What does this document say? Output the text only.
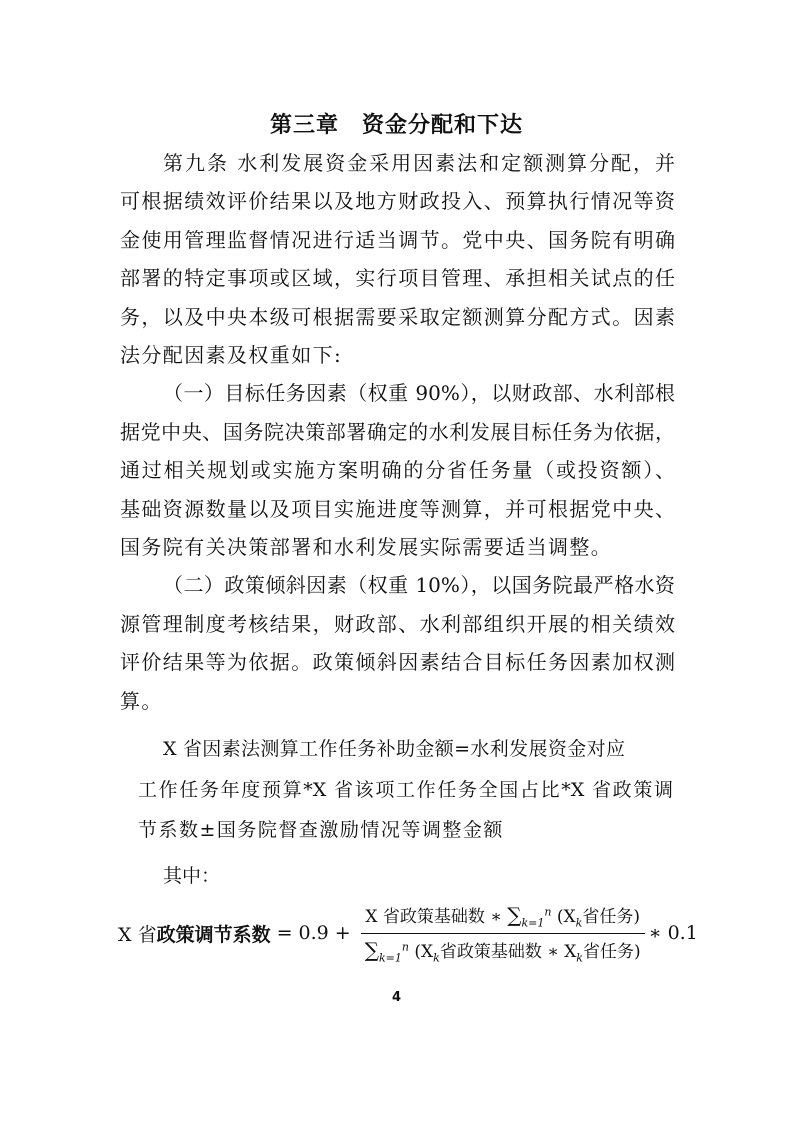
第三章　资金分配和下达
第九条 水利发展资金采用因素法和定额测算分配，并
可根据绩效评价结果以及地方财政投入、预算执行情况等资
金使用管理监督情况进行适当调节。党中央、国务院有明确
部署的特定事项或区域，实行项目管理、承担相关试点的任
务，以及中央本级可根据需要采取定额测算分配方式。因素
法分配因素及权重如下:
（一）目标任务因素（权重 90%），以财政部、水利部根
据党中央、国务院决策部署确定的水利发展目标任务为依据，
通过相关规划或实施方案明确的分省任务量（或投资额）、
基础资源数量以及项目实施进度等测算，并可根据党中央、
国务院有关决策部署和水利发展实际需要适当调整。
（二）政策倾斜因素（权重 10%），以国务院最严格水资
源管理制度考核结果，财政部、水利部组织开展的相关绩效
评价结果等为依据。政策倾斜因素结合目标任务因素加权测
算。
X 省因素法测算工作任务补助金额=水利发展资金对应
工作任务年度预算*X 省该项工作任务全国占比*X 省政策调
节系数±国务院督查激励情况等调整金额
其中：
X 省 政策调节系数 = $0.9 + \frac{X 省政策基础数 ∗ \sum_{k=1}^n (X_k省任务)}{\sum_{k=1}^n (X_k省政策基础数 ∗ X_k省任务)}$ ∗ 0.1
4
